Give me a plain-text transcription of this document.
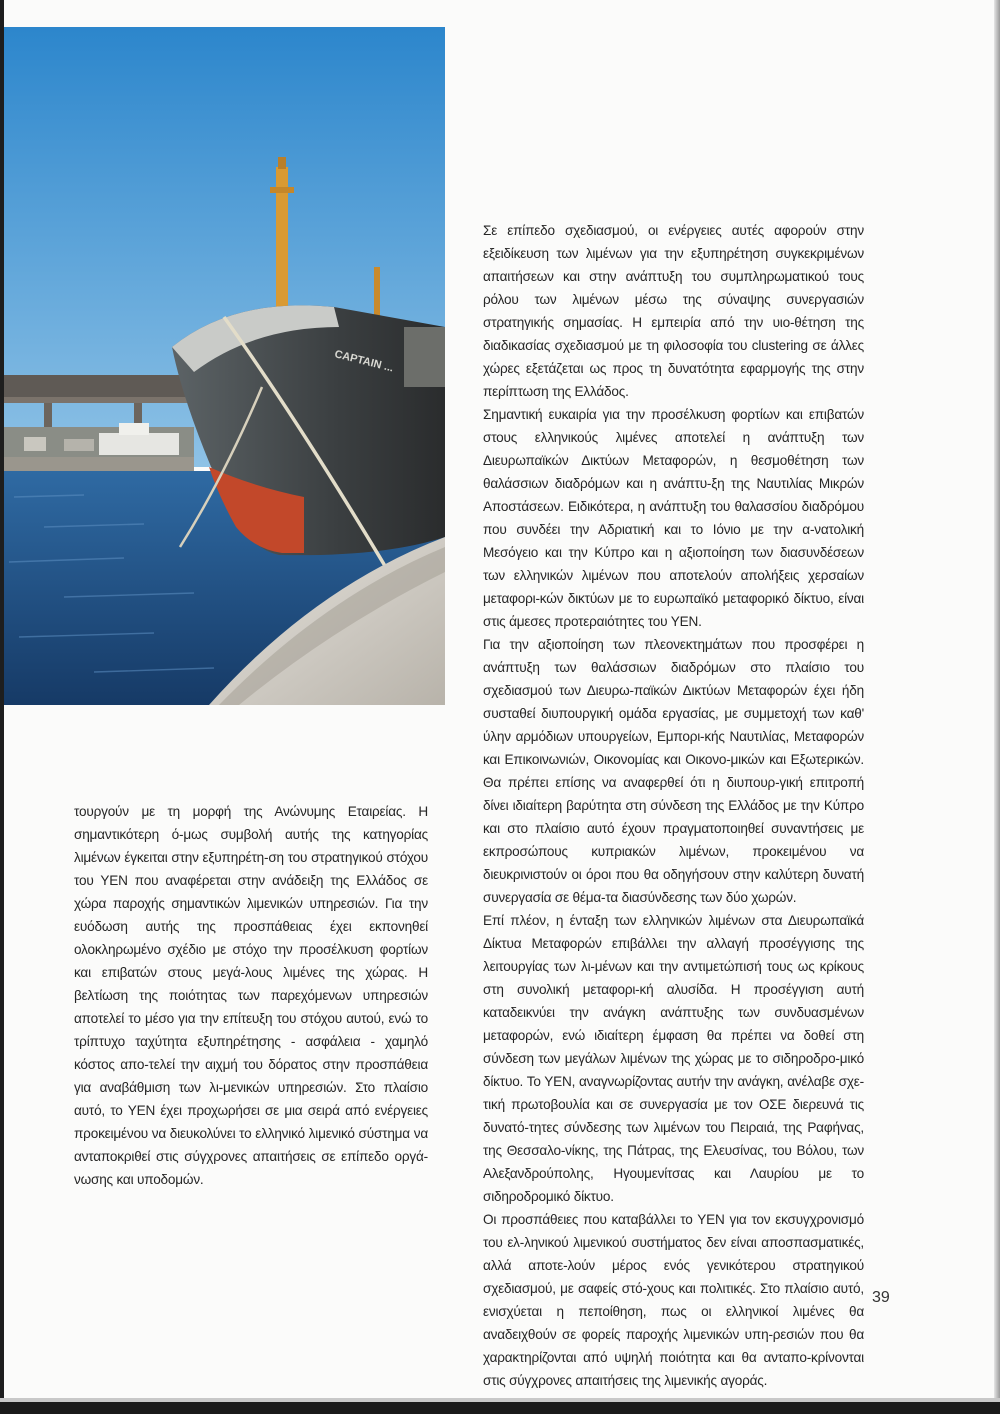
CAPTAIN ...

τουργούν με τη μορφή της Ανώνυμης Εταιρείας. Η σημαντικότερη ό-μως συμβολή αυτής της κατηγορίας λιμένων έγκειται στην εξυπηρέτη-ση του στρατηγικού στόχου του ΥΕΝ που αναφέρεται στην ανάδειξη της Ελλάδος σε χώρα παροχής σημαντικών λιμενικών υπηρεσιών. Για την ευόδωση αυτής της προσπάθειας έχει εκπονηθεί ολοκληρωμένο σχέδιο με στόχο την προσέλκυση φορτίων και επιβατών στους μεγά-λους λιμένες της χώρας. Η βελτίωση της ποιότητας των παρεχόμενων υπηρεσιών αποτελεί το μέσο για την επίτευξη του στόχου αυτού, ενώ το τρίπτυχο ταχύτητα εξυπηρέτησης - ασφάλεια - χαμηλό κόστος απο-τελεί την αιχμή του δόρατος στην προσπάθεια για αναβάθμιση των λι-μενικών υπηρεσιών. Στο πλαίσιο αυτό, το ΥΕΝ έχει προχωρήσει σε μια σειρά από ενέργειες προκειμένου να διευκολύνει το ελληνικό λιμενικό σύστημα να ανταποκριθεί στις σύγχρονες απαιτήσεις σε επίπεδο οργά-νωσης και υποδομών.

Σε επίπεδο σχεδιασμού, οι ενέργειες αυτές αφορούν στην εξειδίκευση των λιμένων για την εξυπηρέτηση συγκεκριμένων απαιτήσεων και στην ανάπτυξη του συμπληρωματικού τους ρόλου των λιμένων μέσω της σύναψης συνεργασιών στρατηγικής σημασίας. Η εμπειρία από την υιο-θέτηση της διαδικασίας σχεδιασμού με τη φιλοσοφία του clustering σε άλλες χώρες εξετάζεται ως προς τη δυνατότητα εφαρμογής της στην περίπτωση της Ελλάδος.

Σημαντική ευκαιρία για την προσέλκυση φορτίων και επιβατών στους ελληνικούς λιμένες αποτελεί η ανάπτυξη των Διευρωπαϊκών Δικτύων Μεταφορών, η θεσμοθέτηση των θαλάσσιων διαδρόμων και η ανάπτυ-ξη της Ναυτιλίας Μικρών Αποστάσεων. Ειδικότερα, η ανάπτυξη του θαλασσίου διαδρόμου που συνδέει την Αδριατική και το Ιόνιο με την α-νατολική Μεσόγειο και την Κύπρο και η αξιοποίηση των διασυνδέσεων των ελληνικών λιμένων που αποτελούν απολήξεις χερσαίων μεταφορι-κών δικτύων με το ευρωπαϊκό μεταφορικό δίκτυο, είναι στις άμεσες προτεραιότητες του ΥΕΝ.

Για την αξιοποίηση των πλεονεκτημάτων που προσφέρει η ανάπτυξη των θαλάσσιων διαδρόμων στο πλαίσιο του σχεδιασμού των Διευρω-παϊκών Δικτύων Μεταφορών έχει ήδη συσταθεί διυπουργική ομάδα εργασίας, με συμμετοχή των καθ' ύλην αρμόδιων υπουργείων, Εμπορι-κής Ναυτιλίας, Μεταφορών και Επικοινωνιών, Οικονομίας και Οικονο-μικών και Εξωτερικών. Θα πρέπει επίσης να αναφερθεί ότι η διυπουρ-γική επιτροπή δίνει ιδιαίτερη βαρύτητα στη σύνδεση της Ελλάδος με την Κύπρο και στο πλαίσιο αυτό έχουν πραγματοποιηθεί συναντήσεις με εκπροσώπους κυπριακών λιμένων, προκειμένου να διευκρινιστούν οι όροι που θα οδηγήσουν στην καλύτερη δυνατή συνεργασία σε θέμα-τα διασύνδεσης των δύο χωρών.

Επί πλέον, η ένταξη των ελληνικών λιμένων στα Διευρωπαϊκά Δίκτυα Μεταφορών επιβάλλει την αλλαγή προσέγγισης της λειτουργίας των λι-μένων και την αντιμετώπισή τους ως κρίκους στη συνολική μεταφορι-κή αλυσίδα. Η προσέγγιση αυτή καταδεικνύει την ανάγκη ανάπτυξης των συνδυασμένων μεταφορών, ενώ ιδιαίτερη έμφαση θα πρέπει να δοθεί στη σύνδεση των μεγάλων λιμένων της χώρας με το σιδηροδρο-μικό δίκτυο. Το ΥΕΝ, αναγνωρίζοντας αυτήν την ανάγκη, ανέλαβε σχε-τική πρωτοβουλία και σε συνεργασία με τον ΟΣΕ διερευνά τις δυνατό-τητες σύνδεσης των λιμένων του Πειραιά, της Ραφήνας, της Θεσσαλο-νίκης, της Πάτρας, της Ελευσίνας, του Βόλου, των Αλεξανδρούπολης, Ηγουμενίτσας και Λαυρίου με το σιδηροδρομικό δίκτυο.

Οι προσπάθειες που καταβάλλει το ΥΕΝ για τον εκσυγχρονισμό του ελ-ληνικού λιμενικού συστήματος δεν είναι αποσπασματικές, αλλά αποτε-λούν μέρος ενός γενικότερου στρατηγικού σχεδιασμού, με σαφείς στό-χους και πολιτικές. Στο πλαίσιο αυτό, ενισχύεται η πεποίθηση, πως οι ελληνικοί λιμένες θα αναδειχθούν σε φορείς παροχής λιμενικών υπη-ρεσιών που θα χαρακτηρίζονται από υψηλή ποιότητα και θα ανταπο-κρίνονται στις σύγχρονες απαιτήσεις της λιμενικής αγοράς.

39
